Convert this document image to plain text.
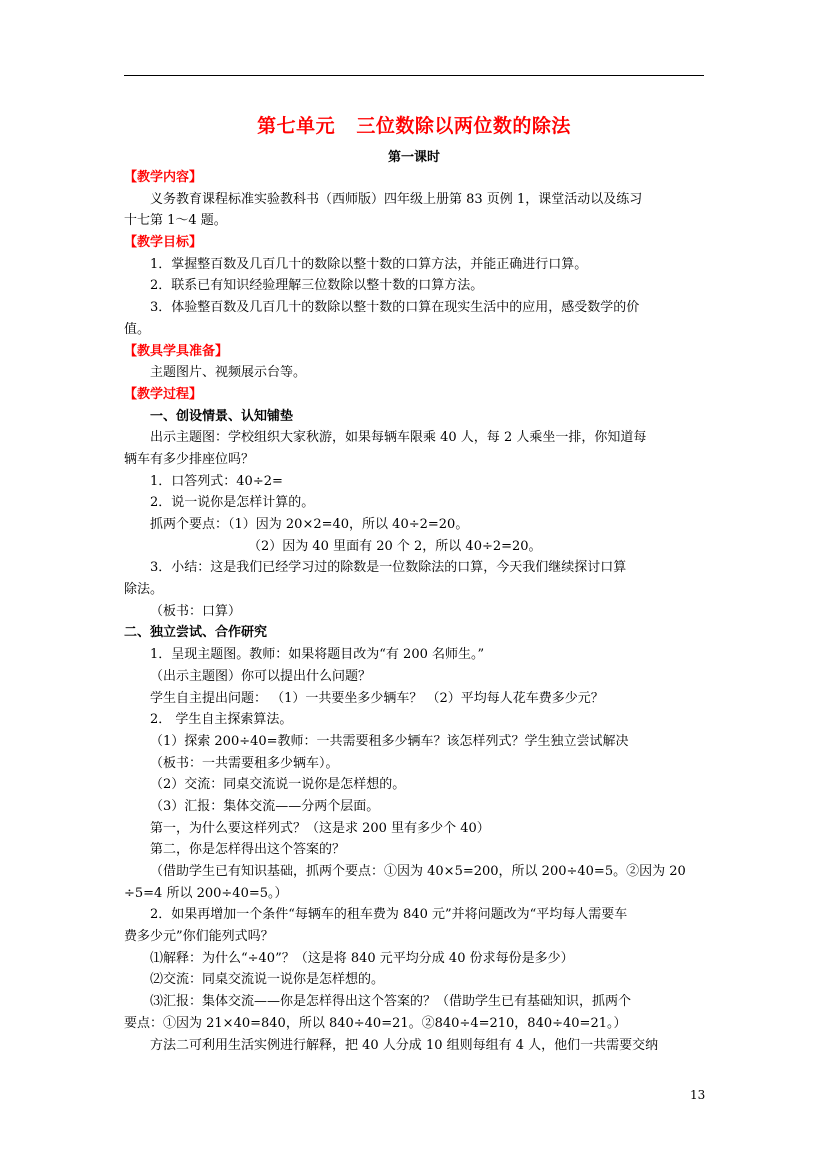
第七单元   三位数除以两位数的除法
第一课时
【教学内容】
义务教育课程标准实验教科书（西师版）四年级上册第 83 页例 1，课堂活动以及练习
十七第 1～4 题。
【教学目标】
1．掌握整百数及几百几十的数除以整十数的口算方法，并能正确进行口算。
2．联系已有知识经验理解三位数除以整十数的口算方法。
3．体验整百数及几百几十的数除以整十数的口算在现实生活中的应用，感受数学的价
值。
【教具学具准备】
主题图片、视频展示台等。
【教学过程】
一、创设情景、认知铺垫
出示主题图：学校组织大家秋游，如果每辆车限乘 40 人，每 2 人乘坐一排，你知道每
辆车有多少排座位吗？
1．口答列式：40÷2=
2．说一说你是怎样计算的。
抓两个要点：（1）因为 20×2=40，所以 40÷2=20。
（2）因为 40 里面有 20 个 2，所以 40÷2=20。
3．小结：这是我们已经学习过的除数是一位数除法的口算，今天我们继续探讨口算
除法。
（板书：口算）
二、独立尝试、合作研究
1．呈现主题图。教师：如果将题目改为“有 200 名师生。”
（出示主题图）你可以提出什么问题？
学生自主提出问题： （1）一共要坐多少辆车？ （2）平均每人花车费多少元？
2． 学生自主探索算法。
（1）探索 200÷40=教师：一共需要租多少辆车？该怎样列式？学生独立尝试解决
（板书：一共需要租多少辆车）。
（2）交流：同桌交流说一说你是怎样想的。
（3）汇报：集体交流——分两个层面。
第一，为什么要这样列式？（这是求 200 里有多少个 40）
第二，你是怎样得出这个答案的？
（借助学生已有知识基础，抓两个要点：①因为 40×5=200，所以 200÷40=5。②因为 20
÷5=4 所以 200÷40=5。）
2．如果再增加一个条件“每辆车的租车费为 840 元”并将问题改为“平均每人需要车
费多少元”你们能列式吗？
⑴解释：为什么“÷40”？（这是将 840 元平均分成 40 份求每份是多少）
⑵交流：同桌交流说一说你是怎样想的。
⑶汇报：集体交流——你是怎样得出这个答案的？（借助学生已有基础知识，抓两个
要点：①因为 21×40=840，所以 840÷40=21。②840÷4=210，840÷40=21。）
方法二可利用生活实例进行解释，把 40 人分成 10 组则每组有 4 人，他们一共需要交纳
13
